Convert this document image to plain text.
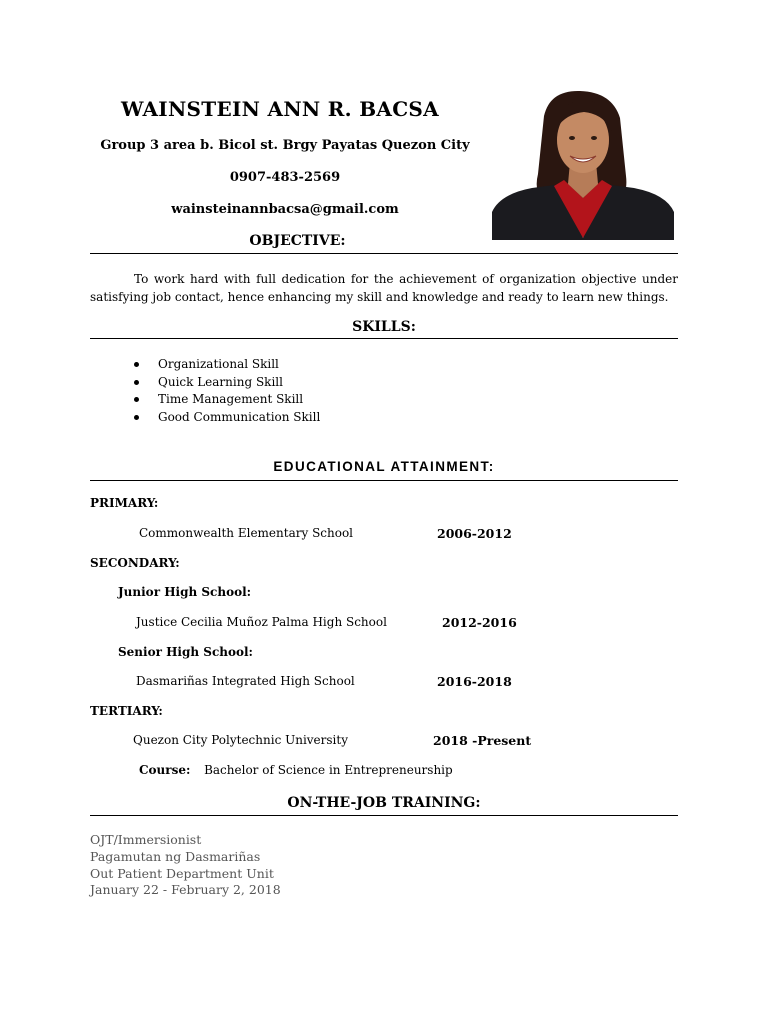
WAINSTEIN ANN R. BACSA
Group 3 area b. Bicol st. Brgy Payatas Quezon City
0907-483-2569
wainsteinannbacsa@gmail.com
OBJECTIVE:
To work hard with full dedication for the achievement of organization objective under satisfying job contact, hence enhancing my skill and knowledge and ready to learn new things.
SKILLS:
Organizational Skill
Quick Learning Skill
Time Management Skill
Good Communication Skill
EDUCATIONAL ATTAINMENT:
PRIMARY:
Commonwealth Elementary School	2006-2012
SECONDARY:
Junior High School:
Justice Cecilia Muñoz Palma High School	2012-2016
Senior High School:
Dasmariñas Integrated High School	2016-2018
TERTIARY:
Quezon City Polytechnic University	2018 -Present
Course: Bachelor of Science in Entrepreneurship
ON-THE-JOB TRAINING:
OJT/Immersionist
Pagamutan ng Dasmariñas
Out Patient Department Unit
January 22 - February 2, 2018
